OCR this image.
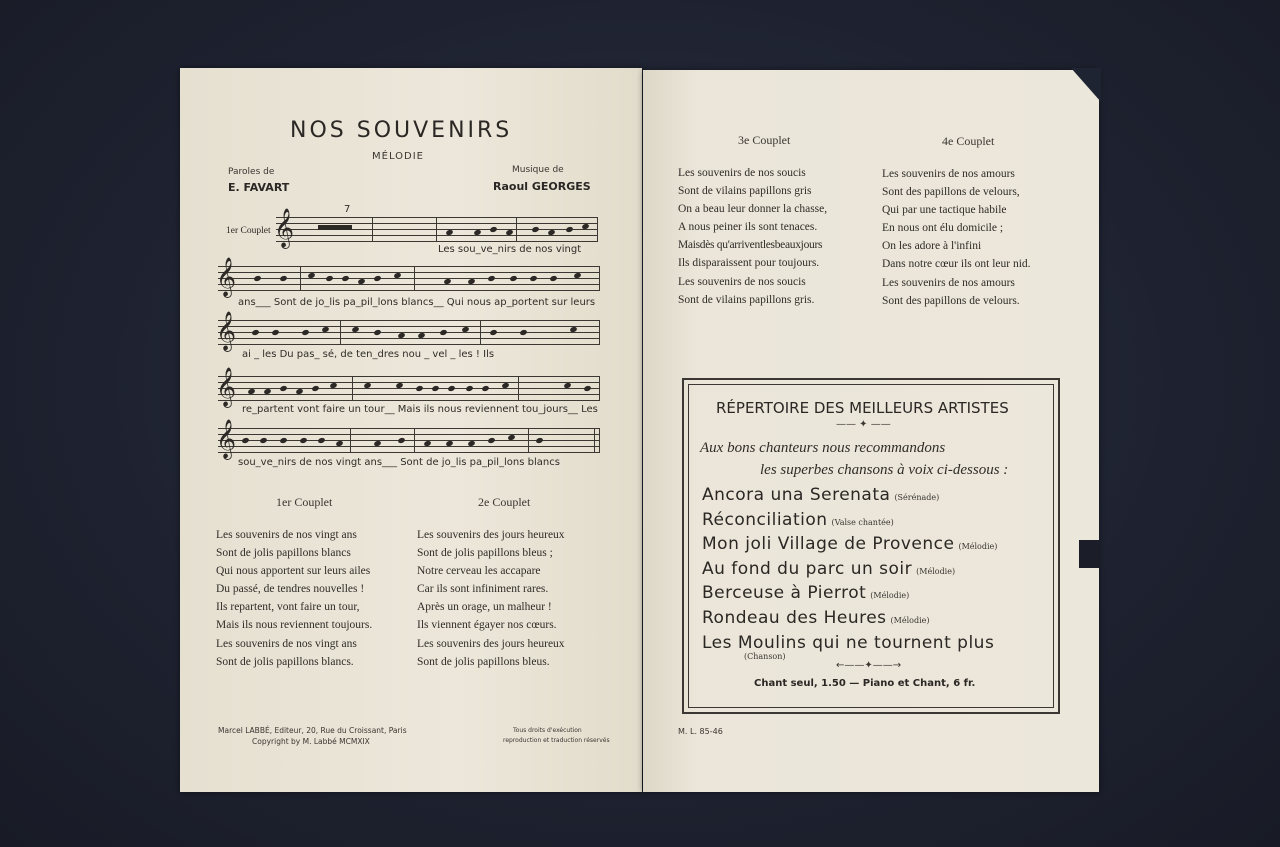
NOS SOUVENIRS
MÉLODIE
Paroles de
E. FAVART
Musique de
Raoul GEORGES
1er Couplet
7
𝄞
Les sou_ve_nirs de nos vingt
𝄞
ans___ Sont de jo_lis pa_pil_lons blancs__ Qui nous ap_portent sur leurs
𝄞
ai _ les Du pas_ sé, de ten_dres nou _ vel _ les ! Ils
𝄞
re_partent vont faire un tour__ Mais ils nous reviennent tou_jours__ Les
𝄞
sou_ve_nirs de nos vingt ans___ Sont de jo_lis pa_pil_lons blancs
1er Couplet	2e Couplet
Les souvenirs de nos vingt ans
Sont de jolis papillons blancs
Qui nous apportent sur leurs ailes
Du passé, de tendres nouvelles !
Ils repartent, vont faire un tour,
Mais ils nous reviennent toujours.
Les souvenirs de nos vingt ans
Sont de jolis papillons blancs.
Les souvenirs des jours heureux
Sont de jolis papillons bleus ;
Notre cerveau les accapare
Car ils sont infiniment rares.
Après un orage, un malheur !
Ils viennent égayer nos cœurs.
Les souvenirs des jours heureux
Sont de jolis papillons bleus.
Marcel LABBÉ, Editeur, 20, Rue du Croissant, Paris
Copyright by M. Labbé MCMXIX
Tous droits d'exécution
reproduction et traduction réservés
3e Couplet	4e Couplet
Les souvenirs de nos soucis
Sont de vilains papillons gris
On a beau leur donner la chasse,
A nous peiner ils sont tenaces.
Maisdès qu'arriventlesbeauxjours
Ils disparaissent pour toujours.
Les souvenirs de nos soucis
Sont de vilains papillons gris.
Les souvenirs de nos amours
Sont des papillons de velours,
Qui par une tactique habile
En nous ont élu domicile ;
On les adore à l'infini
Dans notre cœur ils ont leur nid.
Les souvenirs de nos amours
Sont des papillons de velours.
RÉPERTOIRE DES MEILLEURS ARTISTES
—— ✦ ——
Aux bons chanteurs nous recommandons
les superbes chansons à voix ci-dessous :
Ancora una Serenata (Sérénade)
Réconciliation (Valse chantée)
Mon joli Village de Provence (Mélodie)
Au fond du parc un soir (Mélodie)
Berceuse à Pierrot (Mélodie)
Rondeau des Heures (Mélodie)
Les Moulins qui ne tournent plus
(Chanson)
←——✦——→
Chant seul, 1.50 — Piano et Chant, 6 fr.
M. L. 85-46
